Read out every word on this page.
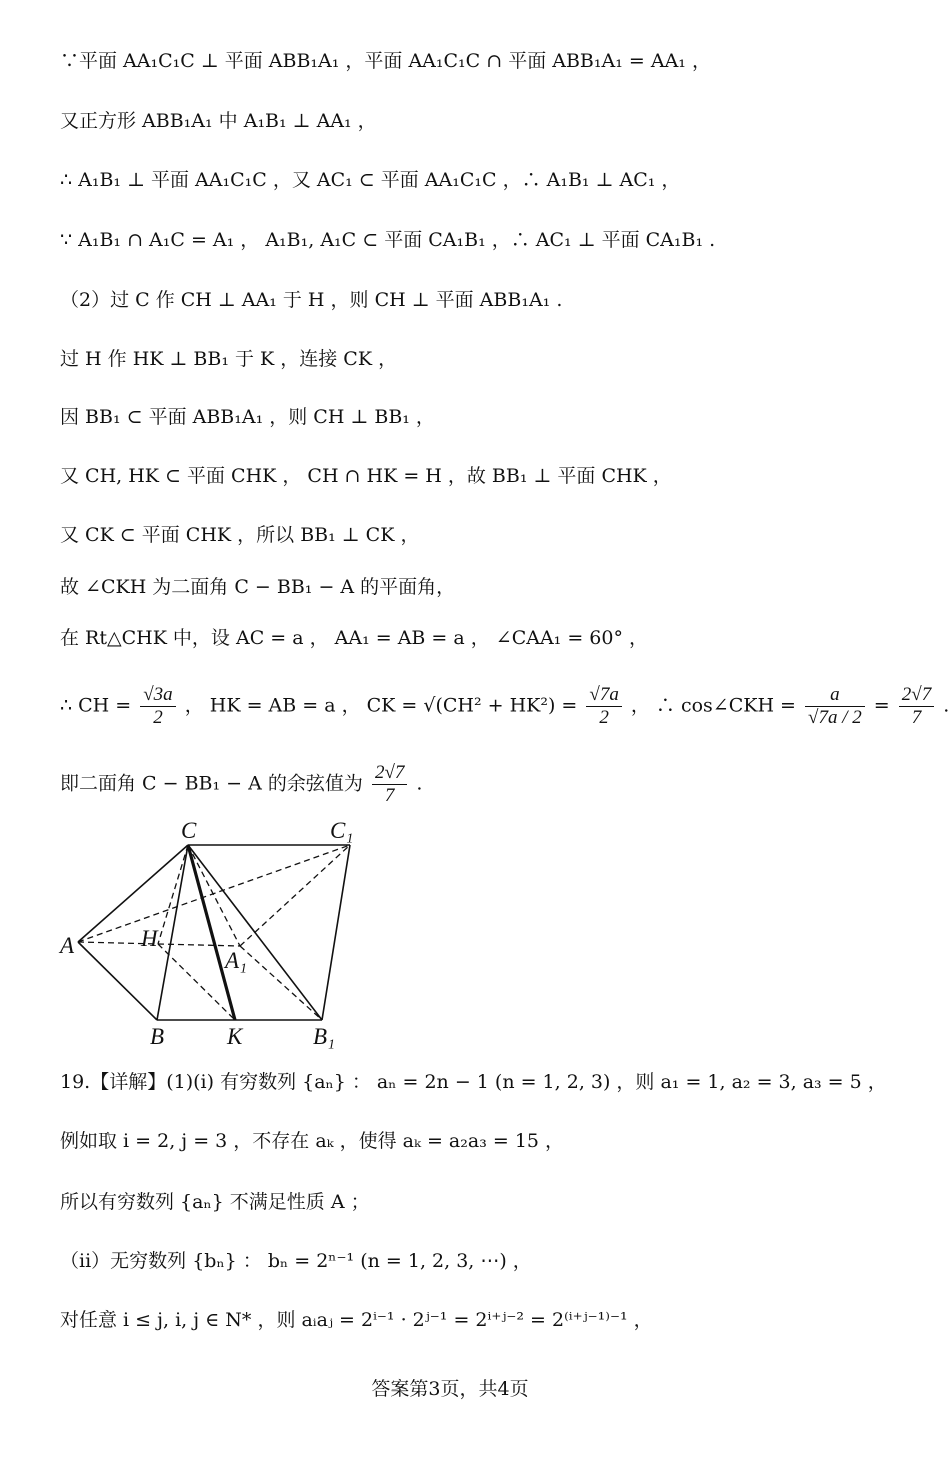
∵平面 AA₁C₁C ⊥ 平面 ABB₁A₁ ，平面 AA₁C₁C ∩ 平面 ABB₁A₁ = AA₁ ，
又正方形 ABB₁A₁ 中 A₁B₁ ⊥ AA₁ ，
∴ A₁B₁ ⊥ 平面 AA₁C₁C ，又 AC₁ ⊂ 平面 AA₁C₁C ，∴ A₁B₁ ⊥ AC₁ ，
∵ A₁B₁ ∩ A₁C = A₁ ， A₁B₁, A₁C ⊂ 平面 CA₁B₁ ，∴ AC₁ ⊥ 平面 CA₁B₁ .
（2）过 C 作 CH ⊥ AA₁ 于 H ，则 CH ⊥ 平面 ABB₁A₁ .
过 H 作 HK ⊥ BB₁ 于 K ，连接 CK ，
因 BB₁ ⊂ 平面 ABB₁A₁ ，则 CH ⊥ BB₁ ，
又 CH, HK ⊂ 平面 CHK ， CH ∩ HK = H ，故 BB₁ ⊥ 平面 CHK ，
又 CK ⊂ 平面 CHK ，所以 BB₁ ⊥ CK ，
故 ∠CKH 为二面角 C − BB₁ − A 的平面角，
在 Rt△CHK 中，设 AC = a ， AA₁ = AB = a ， ∠CAA₁ = 60° ，
∴ CH = $\frac{√3a}{2}$ ， HK = AB = a ， CK = $√(CH^2 + HK^2) = \frac{√7a}{2}$ ， ∴ cos∠CKH = $\frac{a}{√7a / 2} = \frac{2√7}{7}$ .
即二面角 C − BB₁ − A 的余弦值为 $\frac{2√7}{7}$ .
C	C₁
A	H
A₁
B	K	B₁
19.【详解】(1)(i) 有穷数列 {aₙ} ： aₙ = 2n − 1 (n = 1, 2, 3) ，则 a₁ = 1, a₂ = 3, a₃ = 5 ，
例如取 i = 2, j = 3 ，不存在 aₖ ，使得 aₖ = a₂a₃ = 15 ，
所以有穷数列 {aₙ} 不满足性质 A ；
（ii）无穷数列 {bₙ} ： bₙ = 2ⁿ⁻¹ (n = 1, 2, 3, ⋯) ，
对任意 i ≤ j, i, j ∈ N* ，则 aᵢaⱼ = 2ⁱ⁻¹ · 2ʲ⁻¹ = 2ⁱ⁺ʲ⁻² = 2⁽ⁱ⁺ʲ⁻¹⁾⁻¹ ，
答案第3页，共4页
